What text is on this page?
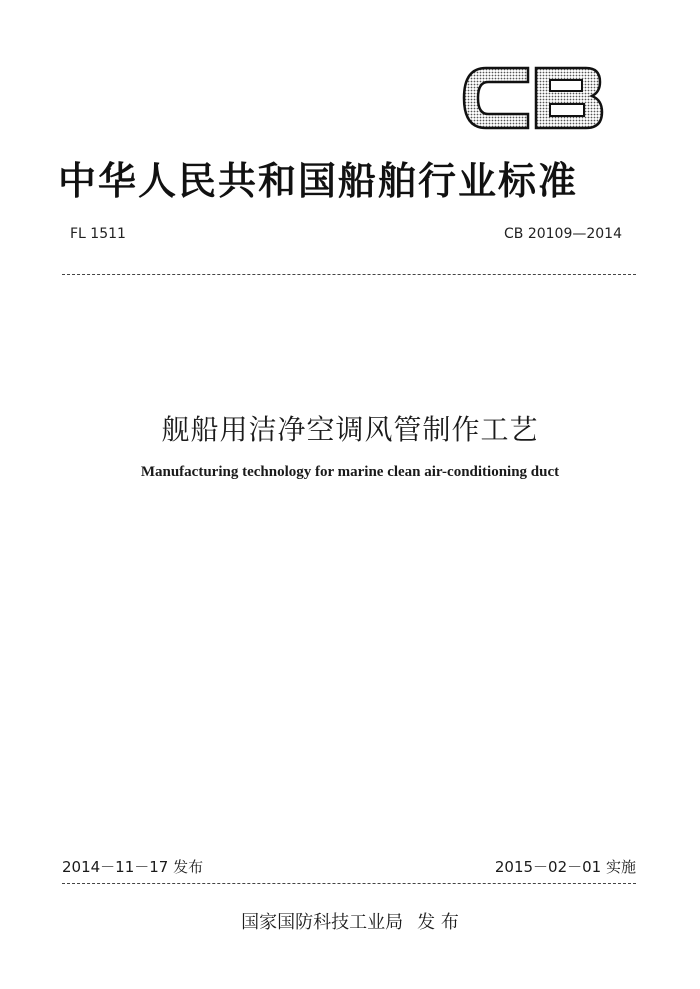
中华人民共和国船舶行业标准
FL 1511	CB 20109—2014
舰船用洁净空调风管制作工艺

Manufacturing technology for marine clean air-conditioning duct

2014－11－17 发布	2015－02－01 实施
国家国防科技工业局 发 布
